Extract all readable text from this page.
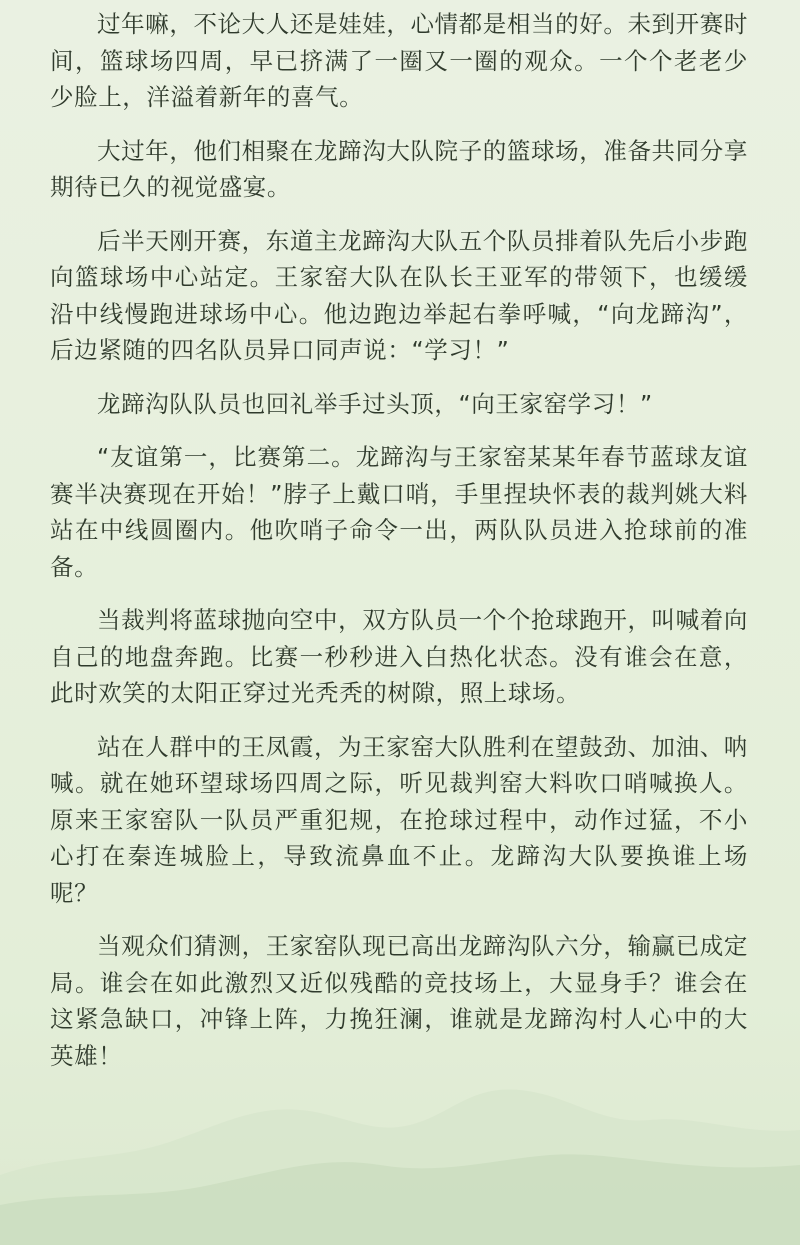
过年嘛，不论大人还是娃娃，心情都是相当的好。未到开赛时间，篮球场四周，早已挤满了一圈又一圈的观众。一个个老老少少脸上，洋溢着新年的喜气。

大过年，他们相聚在龙蹄沟大队院子的篮球场，准备共同分享期待已久的视觉盛宴。

后半天刚开赛，东道主龙蹄沟大队五个队员排着队先后小步跑向篮球场中心站定。王家窑大队在队长王亚军的带领下，也缓缓沿中线慢跑进球场中心。他边跑边举起右拳呼喊，“向龙蹄沟”，后边紧随的四名队员异口同声说：“学习！”

龙蹄沟队队员也回礼举手过头顶，“向王家窑学习！”

“友谊第一，比赛第二。龙蹄沟与王家窑某某年春节蓝球友谊赛半决赛现在开始！”脖子上戴口哨，手里捏块怀表的裁判姚大料站在中线圆圈内。他吹哨子命令一出，两队队员进入抢球前的准备。

当裁判将蓝球抛向空中，双方队员一个个抢球跑开，叫喊着向自己的地盘奔跑。比赛一秒秒进入白热化状态。没有谁会在意，此时欢笑的太阳正穿过光秃秃的树隙，照上球场。

站在人群中的王凤霞，为王家窑大队胜利在望鼓劲、加油、呐喊。就在她环望球场四周之际，听见裁判窑大料吹口哨喊换人。原来王家窑队一队员严重犯规，在抢球过程中，动作过猛，不小心打在秦连城脸上，导致流鼻血不止。龙蹄沟大队要换谁上场呢？

当观众们猜测，王家窑队现已高出龙蹄沟队六分，输赢已成定局。谁会在如此激烈又近似残酷的竞技场上，大显身手？谁会在这紧急缺口，冲锋上阵，力挽狂澜，谁就是龙蹄沟村人心中的大英雄！
